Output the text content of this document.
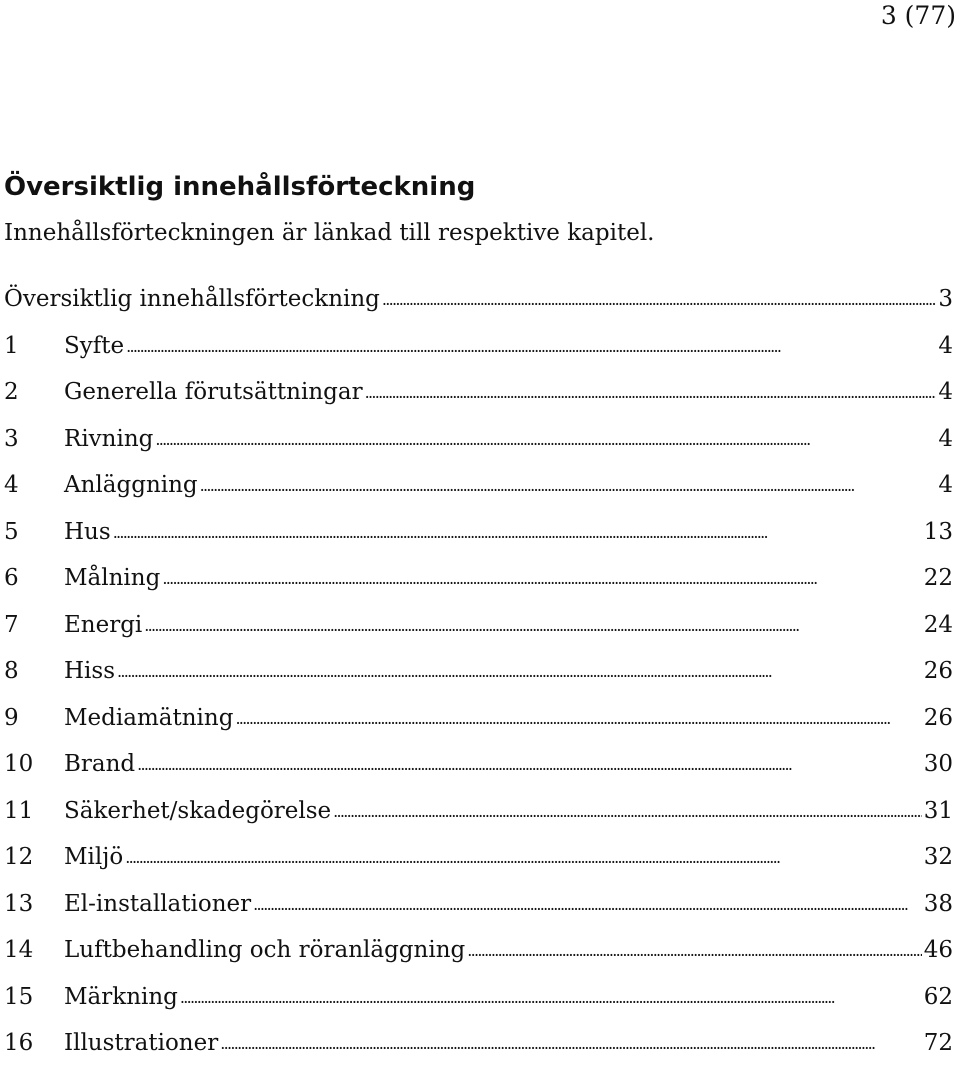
3 (77)
Översiktlig innehållsförteckning
Innehållsförteckningen är länkad till respektive kapitel.
Översiktlig innehållsförteckning . . .	3
1	Syfte . . .	4
2	Generella förutsättningar . . .	4
3	Rivning . . .	4
4	Anläggning . . .	4
5	Hus . . .	13
6	Målning . . .	22
7	Energi . . .	24
8	Hiss . . .	26
9	Mediamätning . . .	26
10	Brand . . .	30
11	Säkerhet/skadegörelse . . .	31
12	Miljö . . .	32
13	El-installationer . . .	38
14	Luftbehandling och röranläggning . . .	46
15	Märkning . . .	62
16	Illustrationer . . .	72
